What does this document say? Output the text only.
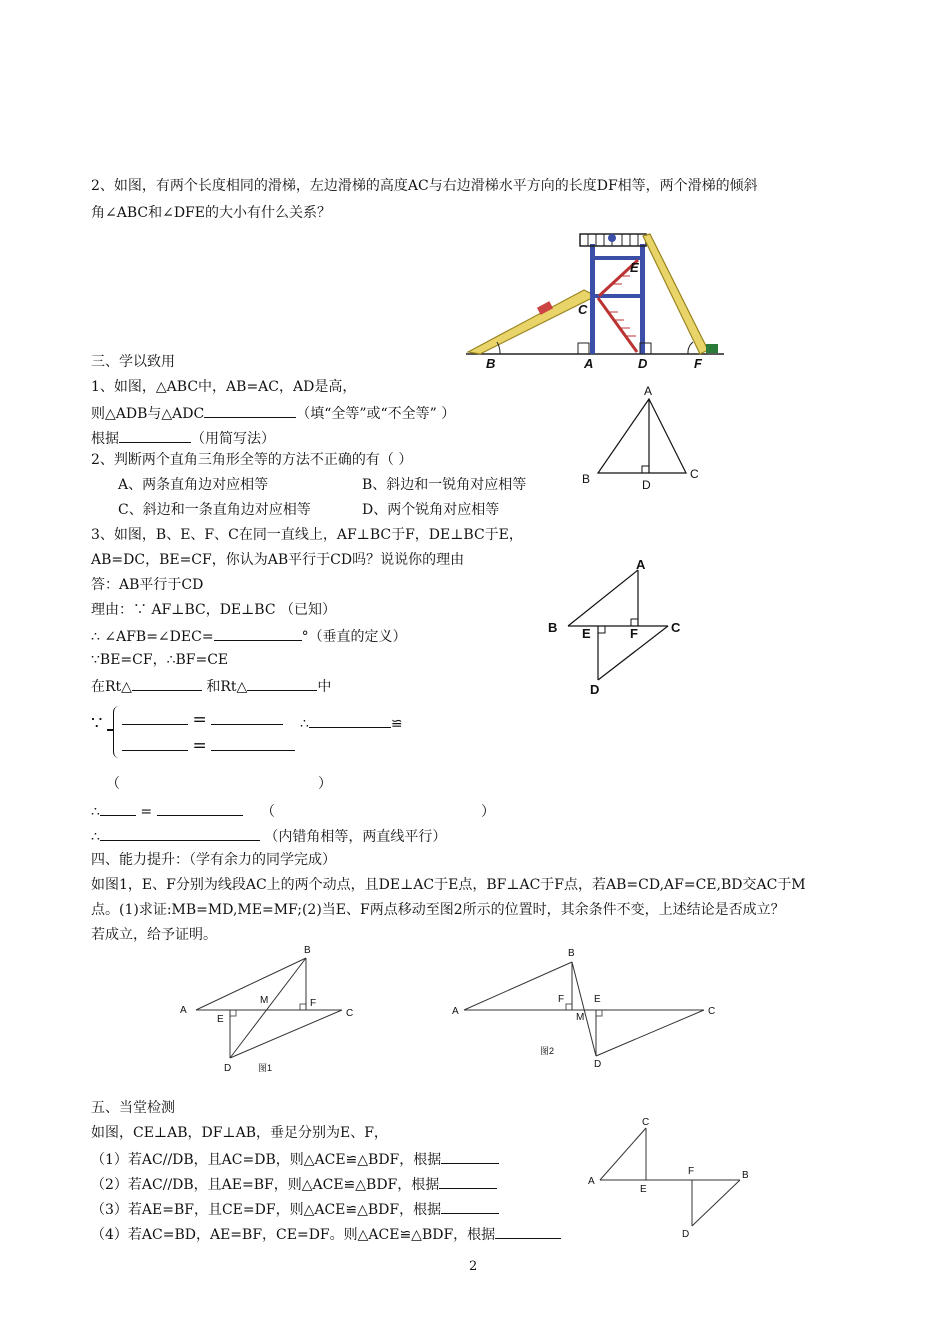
2、如图，有两个长度相同的滑梯，左边滑梯的高度AC与右边滑梯水平方向的长度DF相等，两个滑梯的倾斜
角∠ABC和∠DFE的大小有什么关系？
B	A	D	F
C
E
三、学以致用
1、如图，△ABC中，AB=AC，AD是高，
则△ADB与△ADC	（填“全等”或“不全等” ）
根据	（用简写法）
A
B	D
C
2、判断两个直角三角形全等的方法不正确的有（ ）
A、两条直角边对应相等	B、斜边和一锐角对应相等
C、斜边和一条直角边对应相等	D、两个锐角对应相等
3、如图，B、E、F、C在同一直线上，AF⊥BC于F，DE⊥BC于E，
AB=DC，BE=CF，你认为AB平行于CD吗？说说你的理由
答：AB平行于CD
理由：∵ AF⊥BC，DE⊥BC （已知）
∴ ∠AFB=∠DEC=	°（垂直的定义）
∵BE=CF，∴BF=CE
在Rt△	和Rt△	中
∵	=
=
∴	≌
（	）
∴	=	（	）
∴	（内错角相等，两直线平行）
A
B E	F	C
D
四、能力提升：（学有余力的同学完成）
如图1，E、F分别为线段AC上的两个动点，且DE⊥AC于E点，BF⊥AC于F点，若AB=CD,AF=CE,BD交AC于M
点。(1)求证:MB=MD,ME=MF;(2)当E、F两点移动至图2所示的位置时，其余条件不变，上述结论是否成立？
若成立，给予证明。
A
B
C
D
E
F
M
图1
A
B
C
D
E
F
M
图2
五、当堂检测
如图，CE⊥AB，DF⊥AB，垂足分别为E、F，
（1）若AC//DB，且AC=DB，则△ACE≌△BDF，根据
（2）若AC//DB，且AE=BF，则△ACE≌△BDF，根据
（3）若AE=BF，且CE=DF，则△ACE≌△BDF，根据
（4）若AC=BD，AE=BF，CE=DF。则△ACE≌△BDF，根据
C
A
E
F	B
D
2
